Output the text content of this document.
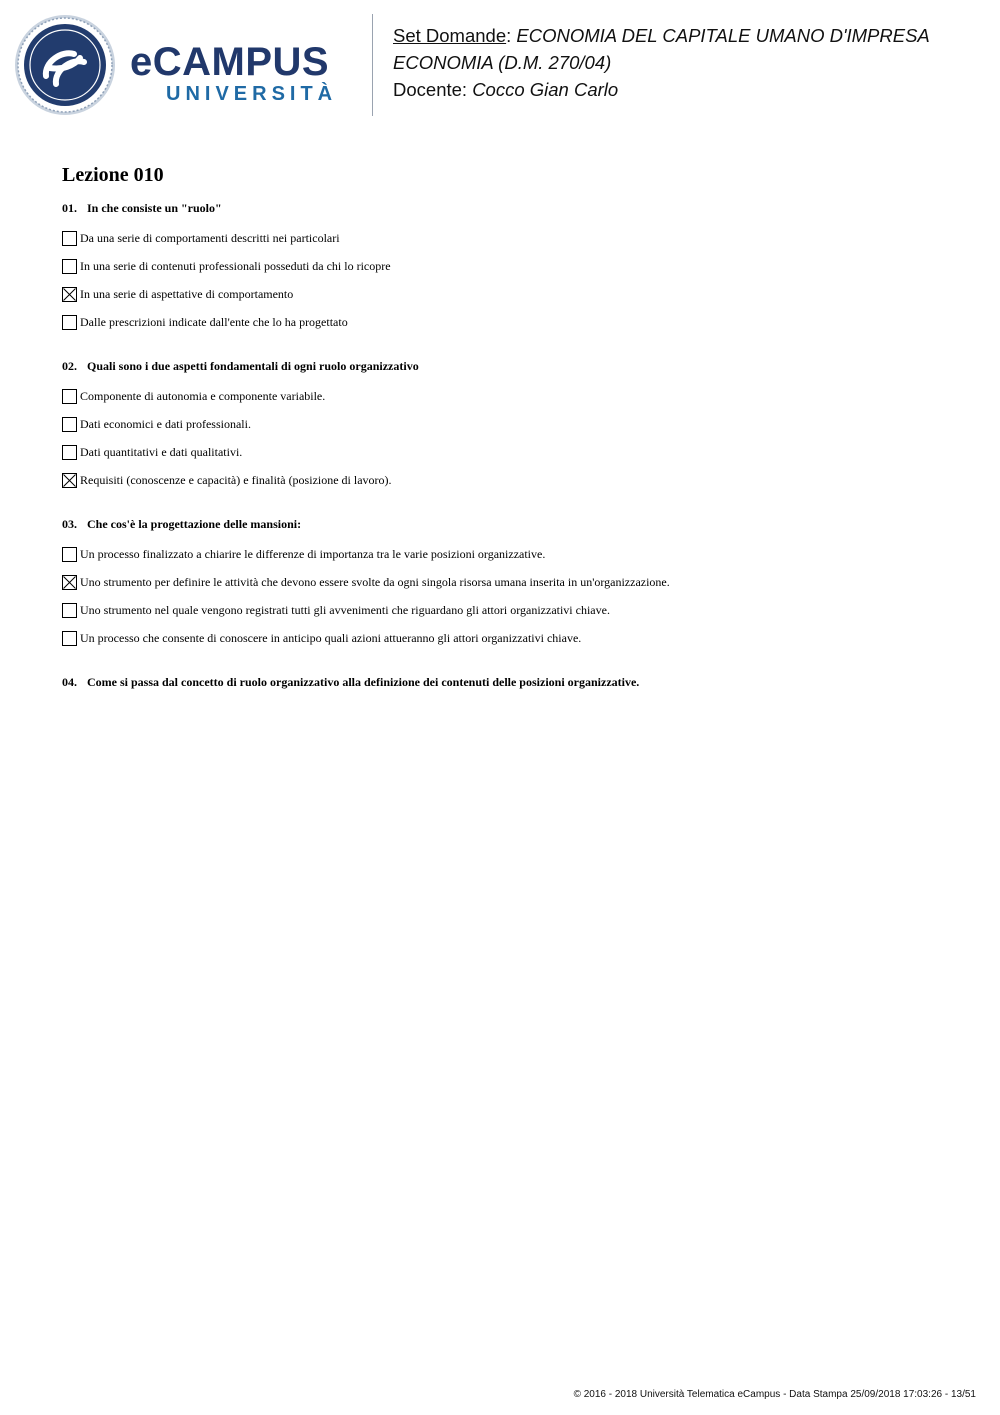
eCAMPUS
UNIVERSITÀ
Set Domande: ECONOMIA DEL CAPITALE UMANO D'IMPRESA
ECONOMIA (D.M. 270/04)
Docente: Cocco Gian Carlo
Lezione 010
01. In che consiste un "ruolo"
Da una serie di comportamenti descritti nei particolari
In una serie di contenuti professionali posseduti da chi lo ricopre
In una serie di aspettative di comportamento
Dalle prescrizioni indicate dall'ente che lo ha progettato
02. Quali sono i due aspetti fondamentali di ogni ruolo organizzativo
Componente di autonomia e componente variabile.
Dati economici e dati professionali.
Dati quantitativi e dati qualitativi.
Requisiti (conoscenze e capacità) e finalità (posizione di lavoro).
03. Che cos'è la progettazione delle mansioni:
Un processo finalizzato a chiarire le differenze di importanza tra le varie posizioni organizzative.
Uno strumento per definire le attività che devono essere svolte da ogni singola risorsa umana inserita in un'organizzazione.
Uno strumento nel quale vengono registrati tutti gli avvenimenti che riguardano gli attori organizzativi chiave.
Un processo che consente di conoscere in anticipo quali azioni attueranno gli attori organizzativi chiave.
04. Come si passa dal concetto di ruolo organizzativo alla definizione dei contenuti delle posizioni organizzative.
© 2016 - 2018 Università Telematica eCampus - Data Stampa 25/09/2018 17:03:26 - 13/51
